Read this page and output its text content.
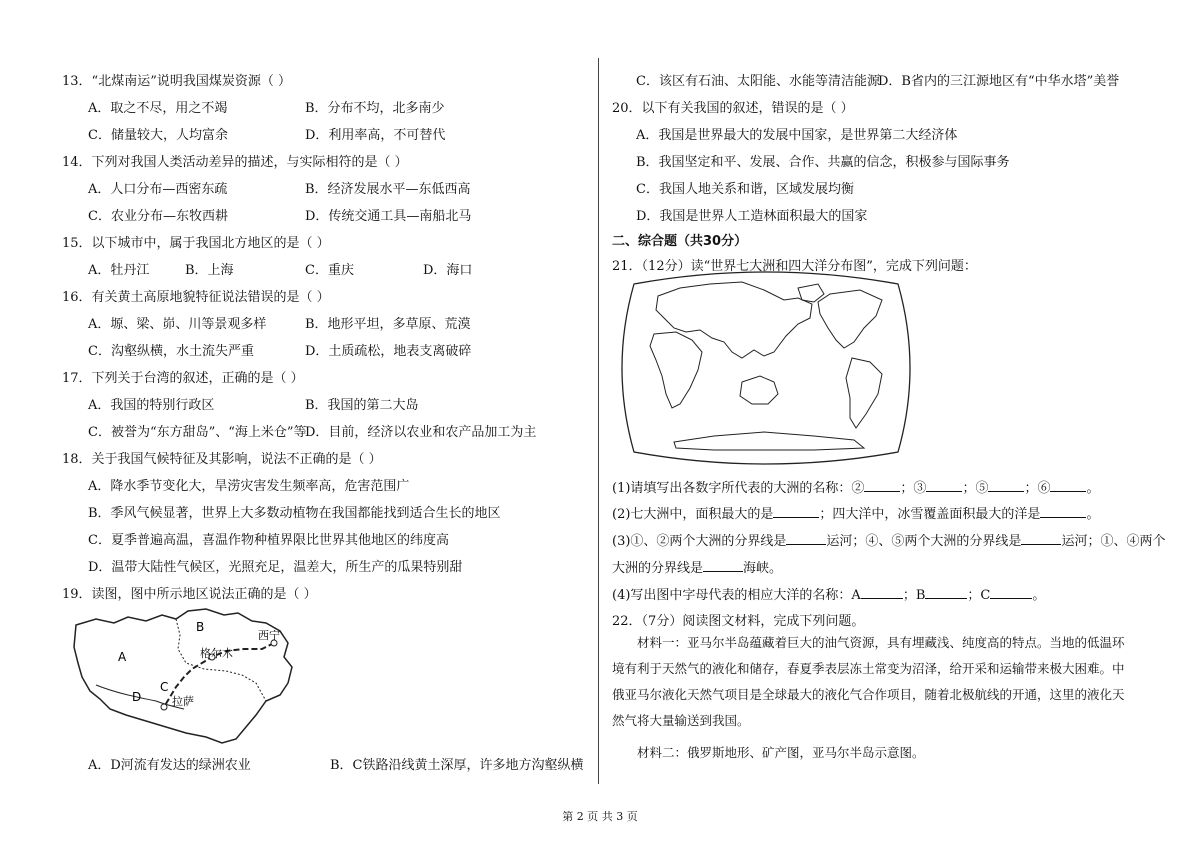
13．“北煤南运”说明我国煤炭资源（ ）
A．取之不尽，用之不竭	B．分布不均，北多南少
C．储量较大，人均富余	D．利用率高，不可替代
14．下列对我国人类活动差异的描述，与实际相符的是（ ）
A．人口分布—西密东疏	B．经济发展水平—东低西高
C．农业分布—东牧西耕	D．传统交通工具—南船北马
15．以下城市中，属于我国北方地区的是（ ）
A．牡丹江	B．上海	C．重庆	D．海口
16．有关黄土高原地貌特征说法错误的是（ ）
A．塬、梁、峁、川等景观多样	B．地形平坦，多草原、荒漠
C．沟壑纵横，水土流失严重	D．土质疏松，地表支离破碎
17．下列关于台湾的叙述，正确的是（ ）
A．我国的特别行政区	B．我国的第二大岛
C．被誉为“东方甜岛”、“海上米仓”等
D．目前，经济以农业和农产品加工为主
18．关于我国气候特征及其影响，说法不正确的是（ ）
A．降水季节变化大，旱涝灾害发生频率高，危害范围广
B．季风气候显著，世界上大多数动植物在我国都能找到适合生长的地区
C．夏季普遍高温，喜温作物种植界限比世界其他地区的纬度高
D．温带大陆性气候区，光照充足，温差大，所生产的瓜果特别甜
19．读图，图中所示地区说法正确的是（ ）
A
B
C
D
西宁
格尔木
拉萨
A．D河流有发达的绿洲农业	B．C铁路沿线黄土深厚，许多地方沟壑纵横
C．该区有石油、太阳能、水能等清洁能源
D．B省内的三江源地区有“中华水塔”美誉
20．以下有关我国的叙述，错误的是（ ）
A．我国是世界最大的发展中国家，是世界第二大经济体
B．我国坚定和平、发展、合作、共赢的信念，积极参与国际事务
C．我国人地关系和谐，区域发展均衡
D．我国是世界人工造林面积最大的国家
二、综合题（共30分）
21．（12分）读“世界七大洲和四大洋分布图”，完成下列问题：
(1)请填写出各数字所代表的大洲的名称：②	；③	；⑤	；⑥	。
(2)七大洲中，面积最大的是	；四大洋中，冰雪覆盖面积最大的洋是	。
(3)①、②两个大洲的分界线是	运河；④、⑤两个大洲的分界线是	运河；①、④两个
大洲的分界线是	海峡。
(4)写出图中字母代表的相应大洋的名称：A	；B	；C	。
22．（7分）阅读图文材料，完成下列问题。
材料一：亚马尔半岛蕴藏着巨大的油气资源，具有埋藏浅、纯度高的特点。当地的低温环境有利于天然气的液化和储存，春夏季表层冻土常变为沼泽，给开采和运输带来极大困难。中俄亚马尔液化天然气项目是全球最大的液化气合作项目，随着北极航线的开通，这里的液化天然气将大量输送到我国。
材料二：俄罗斯地形、矿产图，亚马尔半岛示意图。
第 2 页 共 3 页
